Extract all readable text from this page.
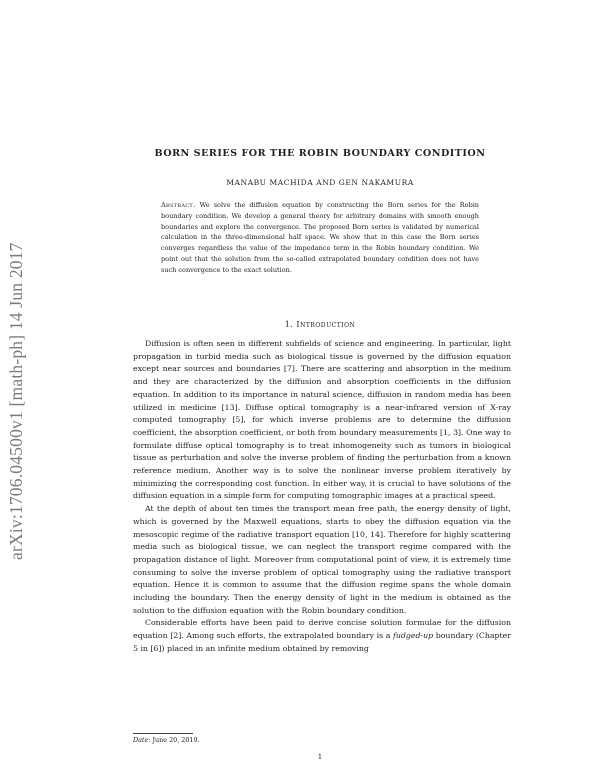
arXiv:1706.04500v1 [math-ph] 14 Jun 2017
BORN SERIES FOR THE ROBIN BOUNDARY CONDITION
MANABU MACHIDA AND GEN NAKAMURA
Abstract. We solve the diffusion equation by constructing the Born series for the Robin boundary condition. We develop a general theory for arbitrary domains with smooth enough boundaries and explore the convergence. The proposed Born series is validated by numerical calculation in the three-dimensional half space. We show that in this case the Born series converges regardless the value of the impedance term in the Robin boundary condition. We point out that the solution from the so-called extrapolated boundary condition does not have such convergence to the exact solution.
1. Introduction

Diffusion is often seen in different subfields of science and engineering. In particular, light propagation in turbid media such as biological tissue is governed by the diffusion equation except near sources and boundaries [7]. There are scattering and absorption in the medium and they are characterized by the diffusion and absorption coefficients in the diffusion equation. In addition to its importance in natural science, diffusion in random media has been utilized in medicine [13]. Diffuse optical tomography is a near-infrared version of X-ray computed tomography [5], for which inverse problems are to determine the diffusion coefficient, the absorption coefficient, or both from boundary measurements [1, 3]. One way to formulate diffuse optical tomography is to treat inhomogeneity such as tumors in biological tissue as perturbation and solve the inverse problem of finding the perturbation from a known reference medium. Another way is to solve the nonlinear inverse problem iteratively by minimizing the corresponding cost function. In either way, it is crucial to have solutions of the diffusion equation in a simple form for computing tomographic images at a practical speed.

At the depth of about ten times the transport mean free path, the energy density of light, which is governed by the Maxwell equations, starts to obey the diffusion equation via the mesoscopic regime of the radiative transport equation [10, 14]. Therefore for highly scattering media such as biological tissue, we can neglect the transport regime compared with the propagation distance of light. Moreover from computational point of view, it is extremely time consuming to solve the inverse problem of optical tomography using the radiative transport equation. Hence it is common to assume that the diffusion regime spans the whole domain including the boundary. Then the energy density of light in the medium is obtained as the solution to the diffusion equation with the Robin boundary condition.

Considerable efforts have been paid to derive concise solution formulae for the diffusion equation [2]. Among such efforts, the extrapolated boundary is a fudged-up boundary (Chapter 5 in [6]) placed in an infinite medium obtained by removing

Date: June 20, 2019.
1
